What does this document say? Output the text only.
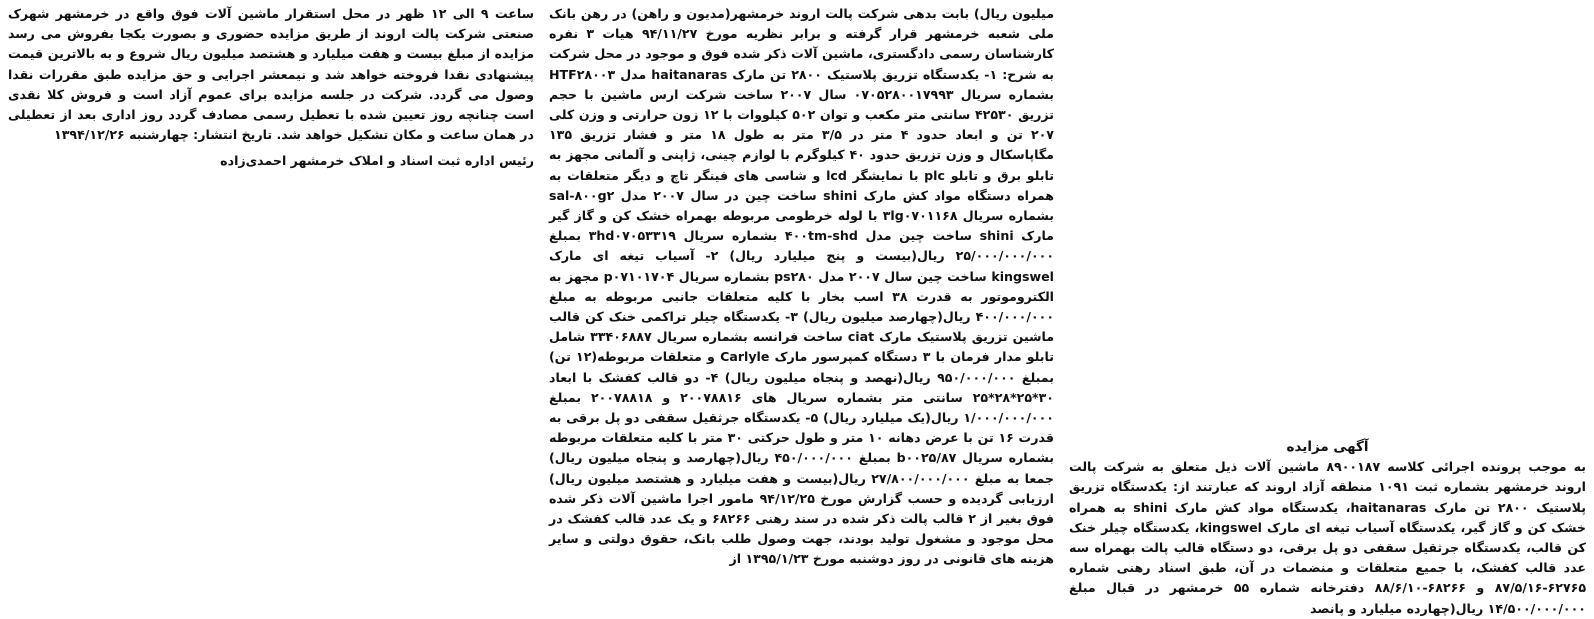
آگهی مزایده

به موجب پرونده اجرائی کلاسه ۸۹۰۰۱۸۷ ماشین آلات ذیل متعلق به شرکت پالت اروند خرمشهر بشماره ثبت ۱۰۹۱ منطقه آزاد اروند که عبارتند از: یکدستگاه تزریق پلاستیک ۲۸۰۰ تن مارک haitanaras، یکدستگاه مواد کش مارک shini به همراه خشک کن و گاز گیر، یکدستگاه آسیاب تیغه ای مارک kingswel، یکدستگاه چیلر خنک کن قالب، یکدستگاه جرثقیل سقفی دو پل برقی، دو دستگاه قالب پالت بهمراه سه عدد قالب کفشک، با جمیع متعلقات و منضمات در آن، طبق اسناد رهنی شماره ۶۲۷۶۵-۸۷/۵/۱۶ و ۶۸۲۶۶-۸۸/۶/۱۰ دفترخانه شماره ۵۵ خرمشهر در قبال مبلغ ۱۴/۵۰۰/۰۰۰/۰۰۰ ریال(چهارده میلیارد و پانصد

میلیون ریال) بابت بدهی شرکت پالت اروند خرمشهر(مدیون و راهن) در رهن بانک ملی شعبه خرمشهر قرار گرفته و برابر نظریه مورخ ۹۴/۱۱/۲۷ هیات ۳ نفره کارشناسان رسمی دادگستری، ماشین آلات ذکر شده فوق و موجود در محل شرکت به شرح: ۱- یکدستگاه تزریق پلاستیک ۲۸۰۰ تن مارک haitanaras مدل HTF۲۸۰۰۳ بشماره سریال ۰۷۰۵۲۸۰۰۱۷۹۹۳ سال ۲۰۰۷ ساخت شرکت ارس ماشین با حجم تزریق ۴۲۵۳۰ سانتی متر مکعب و توان ۵۰۲ کیلووات با ۱۲ زون حرارتی و وزن کلی ۲۰۷ تن و ابعاد حدود ۴ متر در ۳/۵ متر به طول ۱۸ متر و فشار تزریق ۱۳۵ مگاپاسکال و وزن تزریق حدود ۴۰ کیلوگرم با لوازم چینی، ژاپنی و آلمانی مجهز به تابلو برق و تابلو plc با نمایشگر lcd و شاسی های فینگر تاچ و دیگر متعلقات به همراه دستگاه مواد کش مارک shini ساخت چین در سال ۲۰۰۷ مدل sal-۸۰۰g۲ بشماره سریال ۳lg۰۷۰۱۱۶۸ با لوله خرطومی مربوطه بهمراه خشک کن و گاز گیر مارک shini ساخت چین مدل ۴۰۰tm-shd بشماره سریال ۳hd۰۷۰۵۳۳۱۹ بمبلغ ۲۵/۰۰۰/۰۰۰/۰۰۰ ریال(بیست و پنج میلیارد ریال) ۲- آسیاب تیغه ای مارک kingswel ساخت چین سال ۲۰۰۷ مدل ps۲۸۰ بشماره سریال p۰۷۱۰۱۷۰۴ مجهز به الکتروموتور به قدرت ۳۸ اسب بخار با کلیه متعلقات جانبی مربوطه به مبلغ ۴۰۰/۰۰۰/۰۰۰ ریال(چهارصد میلیون ریال) ۳- یکدستگاه چیلر تراکمی خنک کن قالب ماشین تزریق پلاستیک مارک ciat ساخت فرانسه بشماره سریال ۳۳۴۰۶۸۸۷ شامل تابلو مدار فرمان با ۳ دستگاه کمپرسور مارک Carlyle و متعلقات مربوطه(۱۲ تن) بمبلغ ۹۵۰/۰۰۰/۰۰۰ ریال(نهصد و پنجاه میلیون ریال) ۴- دو قالب کفشک با ابعاد ۳۰*۲۵*۲۸*۲۵ سانتی متر بشماره سریال های ۲۰۰۷۸۸۱۶ و ۲۰۰۷۸۸۱۸ بمبلغ ۱/۰۰۰/۰۰۰/۰۰۰ ریال(یک میلیارد ریال) ۵- یکدستگاه جرثقیل سقفی دو پل برقی به قدرت ۱۶ تن با عرض دهانه ۱۰ متر و طول حرکتی ۳۰ متر با کلیه متعلقات مربوطه بشماره سریال ۸۷/b۰۰۲۵ بمبلغ ۴۵۰/۰۰۰/۰۰۰ ریال(چهارصد و پنجاه میلیون ریال) جمعا به مبلغ ۲۷/۸۰۰/۰۰۰/۰۰۰ ریال(بیست و هفت میلیارد و هشتصد میلیون ریال) ارزیابی گردیده و حسب گزارش مورخ ۹۴/۱۲/۲۵ مامور اجرا ماشین آلات ذکر شده فوق بغیر از ۲ قالب پالت ذکر شده در سند رهنی ۶۸۲۶۶ و یک عدد قالب کفشک در محل موجود و مشغول تولید بودند، جهت وصول طلب بانک، حقوق دولتی و سایر هزینه های قانونی در روز دوشنبه مورخ ۱۳۹۵/۱/۲۳ از

ساعت ۹ الی ۱۲ ظهر در محل استقرار ماشین آلات فوق واقع در خرمشهر شهرک صنعتی شرکت پالت اروند از طریق مزایده حضوری و بصورت یکجا بفروش می رسد مزایده از مبلغ بیست و هفت میلیارد و هشتصد میلیون ریال شروع و به بالاترین قیمت پیشنهادی نقدا فروخته خواهد شد و نیمعشر اجرایی و حق مزایده طبق مقررات نقدا وصول می گردد. شرکت در جلسه مزایده برای عموم آزاد است و فروش کلا نقدی است چنانچه روز تعیین شده با تعطیل رسمی مصادف گردد روز اداری بعد از تعطیلی در همان ساعت و مکان تشکیل خواهد شد. تاریخ انتشار: چهارشنبه ۱۳۹۴/۱۲/۲۶

رئیس اداره ثبت اسناد و املاک خرمشهر احمدی‌زاده
